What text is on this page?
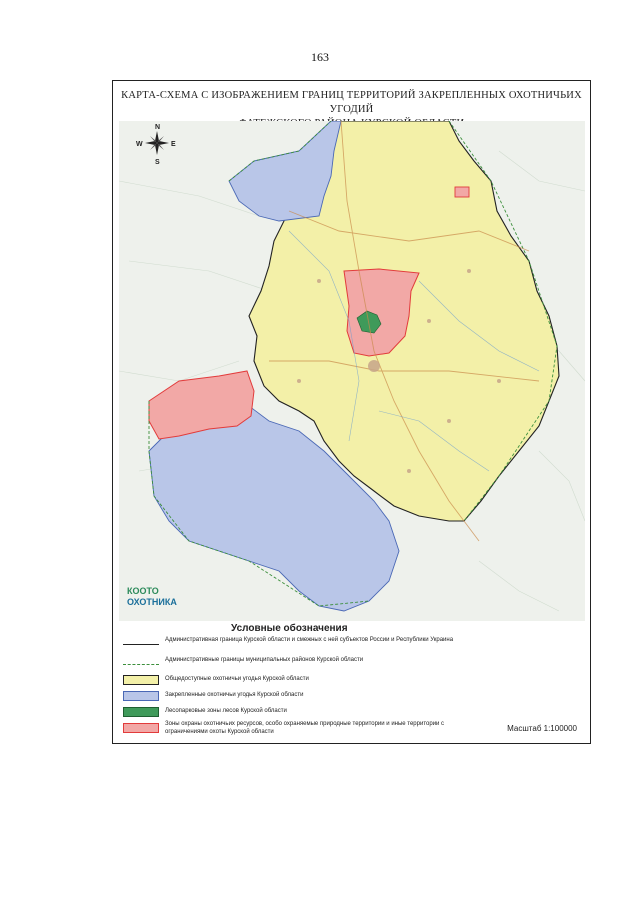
163
КАРТА-СХЕМА С ИЗОБРАЖЕНИЕМ ГРАНИЦ ТЕРРИТОРИЙ ЗАКРЕПЛЕННЫХ ОХОТНИЧЬИХ УГОДИЙ
N
S
W	E
КООТО
ОХОТНИКА
Условные обозначения
Административная граница Курской области и смежных с ней субъектов России и Республики Украина
Административные границы муниципальных районов Курской области
Общедоступные охотничьи угодья Курской области
Закрепленные охотничьи угодья Курской области
Лесопарковые зоны лесов Курской области
Зоны охраны охотничьих ресурсов, особо охраняемые природные территории и иные территории с ограничениями охоты Курской области	Масштаб 1:100000
